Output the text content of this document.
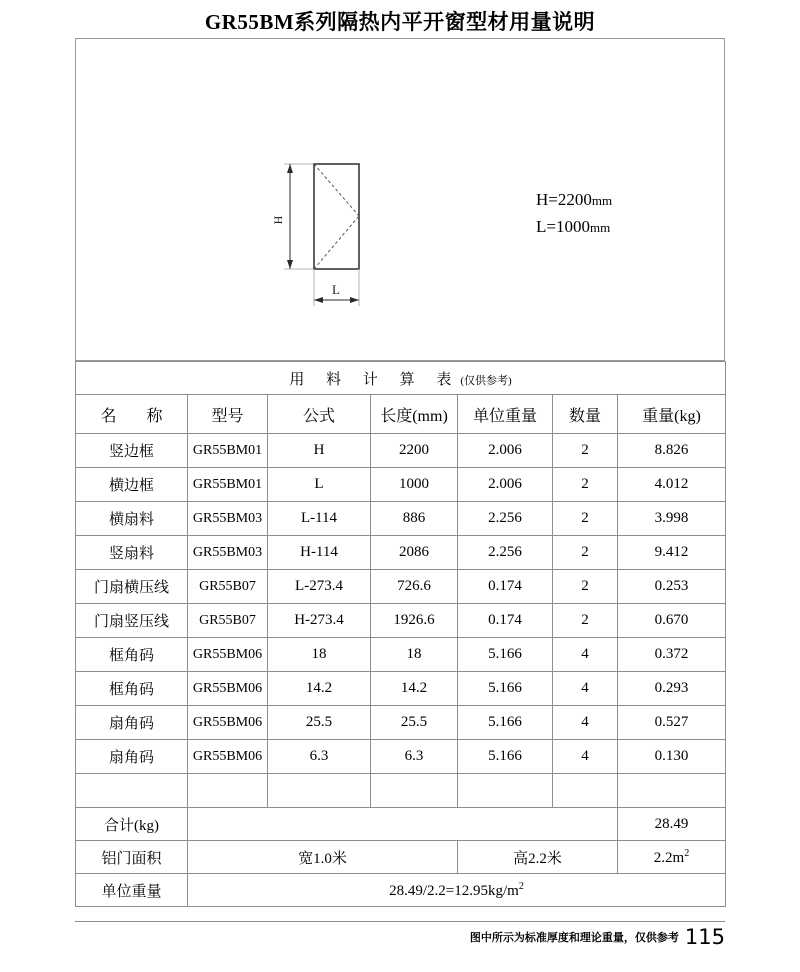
GR55BM系列隔热内平开窗型材用量说明
H
L
H=2200mm
L=1000mm
用 料 计 算 表(仅供参考)						
名　称	型号	公式	长度(mm)	单位重量	数量	重量(kg)
竖边框	GR55BM01	H	2200	2.006	2	8.826
横边框	GR55BM01	L	1000	2.006	2	4.012
横扇料	GR55BM03	L-114	886	2.256	2	3.998
竖扇料	GR55BM03	H-114	2086	2.256	2	9.412
门扇横压线	GR55B07	L-273.4	726.6	0.174	2	0.253
门扇竖压线	GR55B07	H-273.4	1926.6	0.174	2	0.670
框角码	GR55BM06	18	18	5.166	4	0.372
框角码	GR55BM06	14.2	14.2	5.166	4	0.293
扇角码	GR55BM06	25.5	25.5	5.166	4	0.527
扇角码	GR55BM06	6.3	6.3	5.166	4	0.130

合计(kg)						28.49
铝门面积	宽1.0米			高2.2米		$2.2m^2$
单位重量	$28.49/2.2=12.95kg/m^2$
图中所示为标准厚度和理论重量，仅供参考 115
